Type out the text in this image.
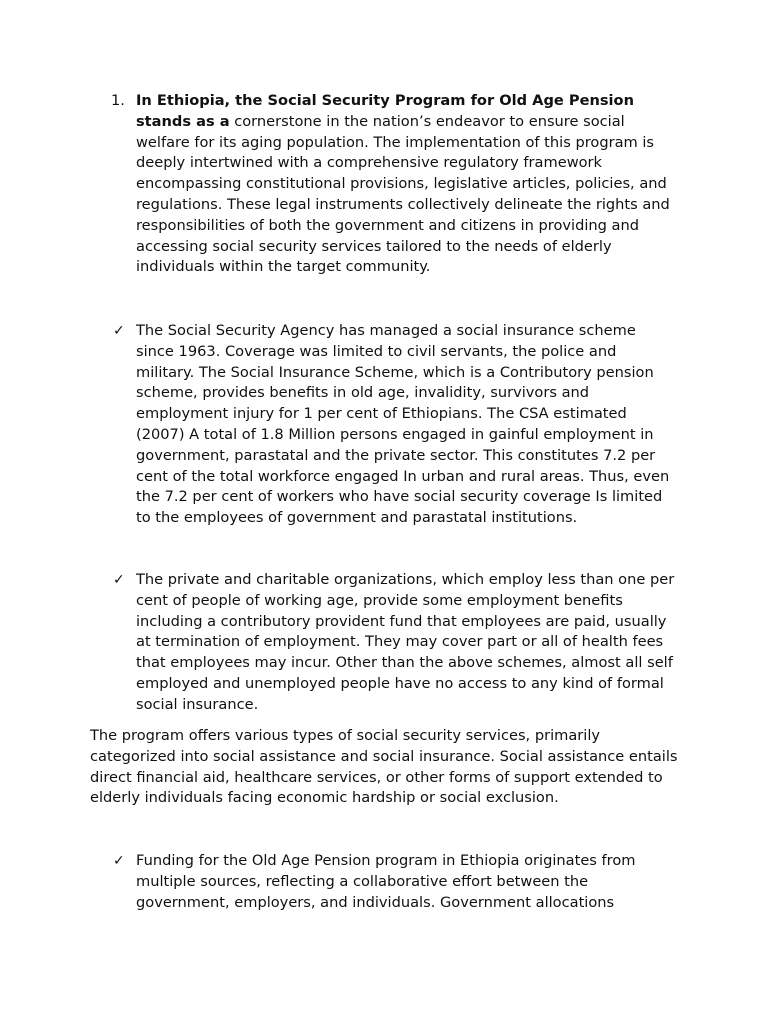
1. In Ethiopia, the Social Security Program for Old Age Pension stands as a cornerstone in the nation’s endeavor to ensure social welfare for its aging population. The implementation of this program is deeply intertwined with a comprehensive regulatory framework encompassing constitutional provisions, legislative articles, policies, and regulations. These legal instruments collectively delineate the rights and responsibilities of both the government and citizens in providing and accessing social security services tailored to the needs of elderly individuals within the target community.
✓ The Social Security Agency has managed a social insurance scheme since 1963. Coverage was limited to civil servants, the police and military. The Social Insurance Scheme, which is a Contributory pension scheme, provides benefits in old age, invalidity, survivors and employment injury for 1 per cent of Ethiopians. The CSA estimated (2007) A total of 1.8 Million persons engaged in gainful employment in government, parastatal and the private sector. This constitutes 7.2 per cent of the total workforce engaged In urban and rural areas. Thus, even the 7.2 per cent of workers who have social security coverage Is limited to the employees of government and parastatal institutions.
✓ The private and charitable organizations, which employ less than one per cent of people of working age, provide some employment benefits including a contributory provident fund that employees are paid, usually at termination of employment. They may cover part or all of health fees that employees may incur. Other than the above schemes, almost all self employed and unemployed people have no access to any kind of formal social insurance.
The program offers various types of social security services, primarily categorized into social assistance and social insurance. Social assistance entails direct financial aid, healthcare services, or other forms of support extended to elderly individuals facing economic hardship or social exclusion.
✓ Funding for the Old Age Pension program in Ethiopia originates from multiple sources, reflecting a collaborative effort between the government, employers, and individuals. Government allocations
